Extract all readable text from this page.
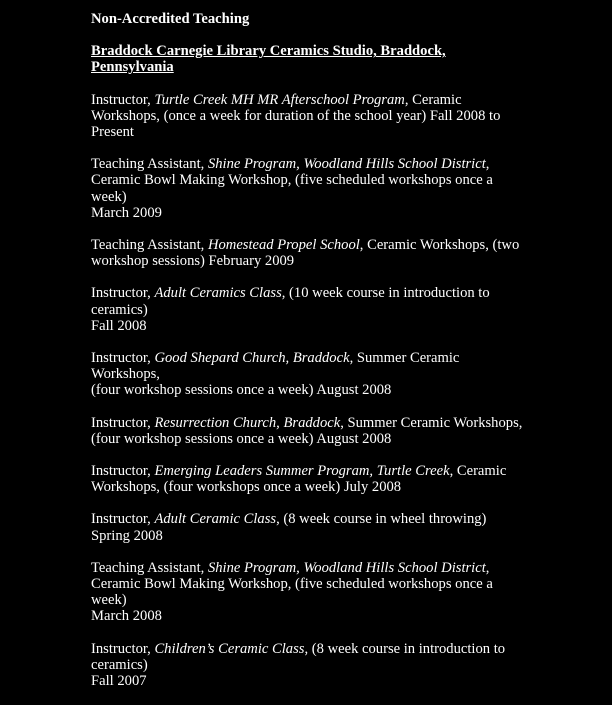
Non-Accredited Teaching
Braddock Carnegie Library Ceramics Studio, Braddock, Pennsylvania
Instructor, Turtle Creek MH MR Afterschool Program, Ceramic
Workshops, (once a week for duration of the school year) Fall 2008 to
Present
Teaching Assistant, Shine Program, Woodland Hills School District,
Ceramic Bowl Making Workshop, (five scheduled workshops once a week)
March 2009
Teaching Assistant, Homestead Propel School, Ceramic Workshops, (two
workshop sessions) February 2009
Instructor, Adult Ceramics Class, (10 week course in introduction to
ceramics)
Fall 2008
Instructor, Good Shepard Church, Braddock, Summer Ceramic Workshops,
(four workshop sessions once a week) August 2008
Instructor, Resurrection Church, Braddock, Summer Ceramic Workshops,
(four workshop sessions once a week) August 2008
Instructor, Emerging Leaders Summer Program, Turtle Creek, Ceramic
Workshops, (four workshops once a week) July 2008
Instructor, Adult Ceramic Class, (8 week course in wheel throwing)
Spring 2008
Teaching Assistant, Shine Program, Woodland Hills School District,
Ceramic Bowl Making Workshop, (five scheduled workshops once a week)
March 2008
Instructor, Children’s Ceramic Class, (8 week course in introduction to
ceramics)
Fall 2007
